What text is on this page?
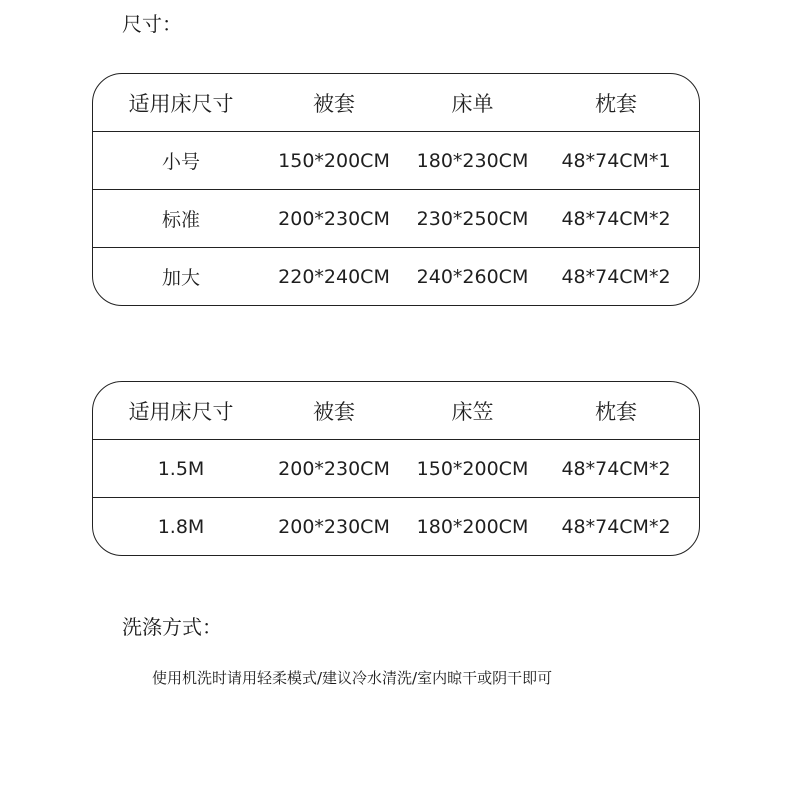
尺寸：
适用床尺寸	被套	床单	枕套
小号	150*200CM	180*230CM	48*74CM*1
标准	200*230CM	230*250CM	48*74CM*2
加大	220*240CM	240*260CM	48*74CM*2
适用床尺寸	被套	床笠	枕套
1.5M	200*230CM	150*200CM	48*74CM*2
1.8M	200*230CM	180*200CM	48*74CM*2
洗涤方式：
使用机洗时请用轻柔模式/建议冷水清洗/室内晾干或阴干即可
